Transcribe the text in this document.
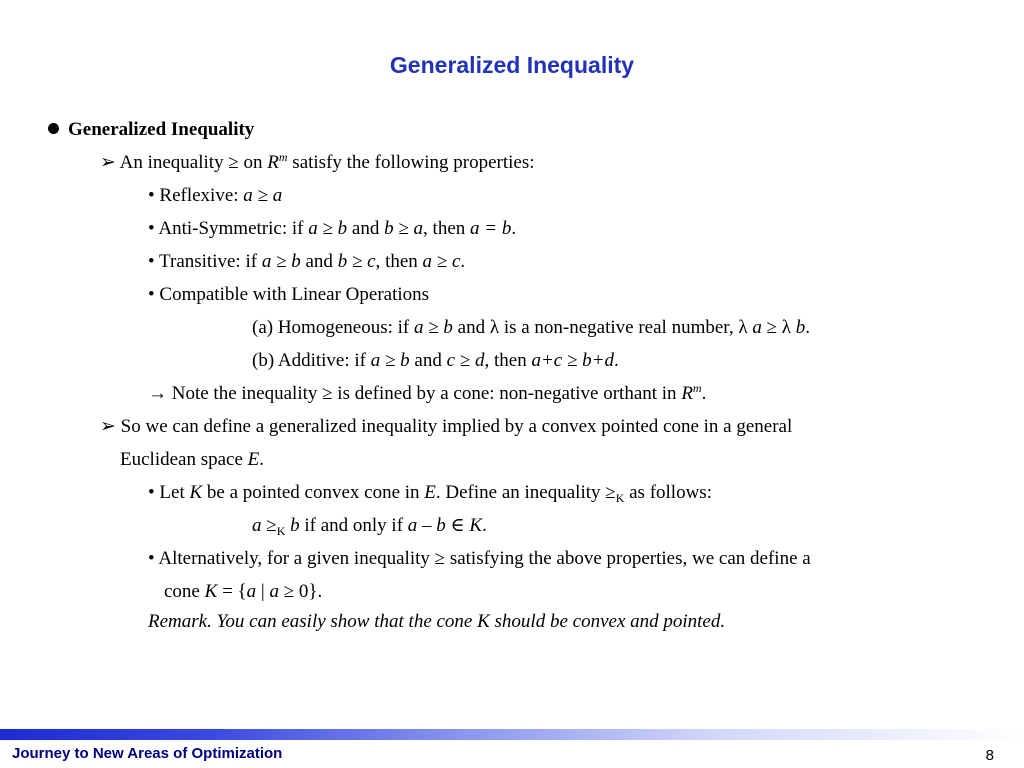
Generalized Inequality
Generalized Inequality
➢ An inequality ≥ on $R^m$ satisfy the following properties:
• Reflexive: a ≥ a
• Anti-Symmetric: if a ≥ b and b ≥ a, then a = b.
• Transitive: if a ≥ b and b ≥ c, then a ≥ c.
• Compatible with Linear Operations
(a) Homogeneous: if a ≥ b and λ is a non-negative real number, λ a ≥ λ b.
(b) Additive: if a ≥ b and c ≥ d, then a+c ≥ b+d.
→ Note the inequality ≥ is defined by a cone: non-negative orthant in $R^m$.
➢ So we can define a generalized inequality implied by a convex pointed cone in a general
Euclidean space E.
• Let K be a pointed convex cone in E. Define an inequality $\ge_K$ as follows:
$a \ge_K$ b if and only if a – b ∈ K.
• Alternatively, for a given inequality ≥ satisfying the above properties, we can define a
cone K = {a | a ≥ 0}.
Remark. You can easily show that the cone K should be convex and pointed.
Journey to New Areas of Optimization	8
